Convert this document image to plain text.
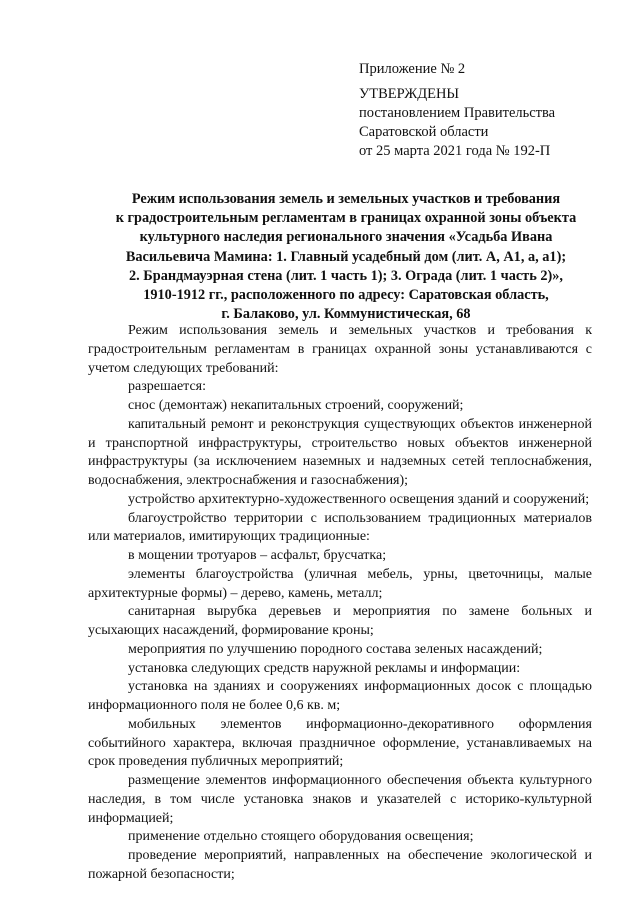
Приложение № 2
УТВЕРЖДЕНЫ
постановлением Правительства
Саратовской области
от 25 марта 2021 года № 192-П
Режим использования земель и земельных участков и требования
к градостроительным регламентам в границах охранной зоны объекта
культурного наследия регионального значения «Усадьба Ивана
Васильевича Мамина: 1. Главный усадебный дом (лит. А, А1, а, а1);
2. Брандмауэрная стена (лит. 1 часть 1); 3. Ограда (лит. 1 часть 2)»,
1910-1912 гг., расположенного по адресу: Саратовская область,
г. Балаково, ул. Коммунистическая, 68

Режим использования земель и земельных участков и требования к градостроительным регламентам в границах охранной зоны устанавливаются с учетом следующих требований:

разрешается:

снос (демонтаж) некапитальных строений, сооружений;

капитальный ремонт и реконструкция существующих объектов инженерной и транспортной инфраструктуры, строительство новых объектов инженерной инфраструктуры (за исключением наземных и надземных сетей теплоснабжения, водоснабжения, электроснабжения и газоснабжения);

устройство архитектурно-художественного освещения зданий и сооружений;

благоустройство территории с использованием традиционных материалов или материалов, имитирующих традиционные:

в мощении тротуаров – асфальт, брусчатка;

элементы благоустройства (уличная мебель, урны, цветочницы, малые архитектурные формы) – дерево, камень, металл;

санитарная вырубка деревьев и мероприятия по замене больных и усыхающих насаждений, формирование кроны;

мероприятия по улучшению породного состава зеленых насаждений;

установка следующих средств наружной рекламы и информации:

установка на зданиях и сооружениях информационных досок с площадью информационного поля не более 0,6 кв. м;

мобильных элементов информационно-декоративного оформления событийного характера, включая праздничное оформление, устанавливаемых на срок проведения публичных мероприятий;

размещение элементов информационного обеспечения объекта культурного наследия, в том числе установка знаков и указателей с историко-культурной информацией;

применение отдельно стоящего оборудования освещения;

проведение мероприятий, направленных на обеспечение экологической и пожарной безопасности;
